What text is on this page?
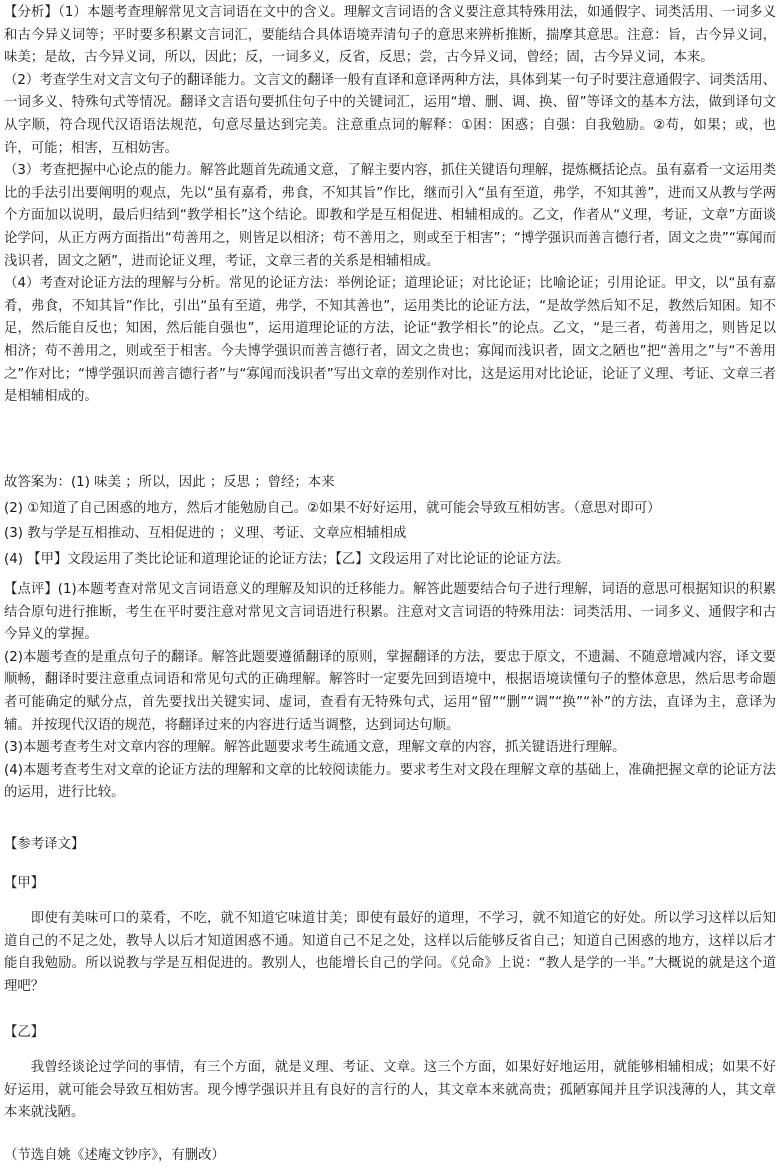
【分析】（1）本题考查理解常见文言词语在文中的含义。理解文言词语的含义要注意其特殊用法，如通假字、词类活用、一词多义和古今异义词等；平时要多积累文言词汇，要能结合具体语境弄清句子的意思来辨析推断，揣摩其意思。注意：旨，古今异义词，味美；是故，古今异义词，所以，因此；反，一词多义，反省，反思；尝，古今异义词，曾经；固，古今异义词，本来。

（2）考查学生对文言文句子的翻译能力。文言文的翻译一般有直译和意译两种方法，具体到某一句子时要注意通假字、词类活用、一词多义、特殊句式等情况。翻译文言语句要抓住句子中的关键词汇，运用“增、删、调、换、留”等译文的基本方法，做到译句文从字顺，符合现代汉语语法规范，句意尽量达到完美。注意重点词的解释：①困：困惑；自强：自我勉励。②苟，如果；或，也许，可能；相害，互相妨害。

（3）考查把握中心论点的能力。解答此题首先疏通文意，了解主要内容，抓住关键语句理解，提炼概括论点。虽有嘉肴一文运用类比的手法引出要阐明的观点，先以“虽有嘉肴，弗食，不知其旨”作比，继而引入“虽有至道，弗学，不知其善”，进而又从教与学两个方面加以说明，最后归结到“教学相长”这个结论。即教和学是互相促进、相辅相成的。乙文，作者从“义理，考证，文章”方面谈论学问，从正方两方面指出“苟善用之，则皆足以相济；苟不善用之，则或至于相害”；“博学强识而善言德行者，固文之贵”“寡闻而浅识者，固文之陋”，进而论证义理，考证，文章三者的关系是相辅相成。

（4）考查对论证方法的理解与分析。常见的论证方法：举例论证；道理论证；对比论证；比喻论证；引用论证。甲文，以“虽有嘉肴，弗食，不知其旨”作比，引出“虽有至道，弗学，不知其善也”，运用类比的论证方法，“是故学然后知不足，教然后知困。知不足，然后能自反也；知困，然后能自强也”，运用道理论证的方法，论证“教学相长”的论点。乙文，“是三者，苟善用之，则皆足以相济；苟不善用之，则或至于相害。今夫博学强识而善言德行者，固文之贵也；寡闻而浅识者，固文之陋也”把“善用之”与“不善用之”作对比；“博学强识而善言德行者”与“寡闻而浅识者”写出文章的差别作对比，这是运用对比论证，论证了义理、考证、文章三者是相辅相成的。

故答案为：(1) 味美 ；所以，因此 ；反思 ；曾经；本来

(2) ①知道了自己困惑的地方，然后才能勉励自己。②如果不好好运用，就可能会导致互相妨害。（意思对即可）

(3) 教与学是互相推动、互相促进的 ；义理、考证、文章应相辅相成

(4) 【甲】文段运用了类比论证和道理论证的论证方法；【乙】文段运用了对比论证的论证方法。

【点评】(1)本题考查对常见文言词语意义的理解及知识的迁移能力。解答此题要结合句子进行理解，词语的意思可根据知识的积累结合原句进行推断，考生在平时要注意对常见文言词语进行积累。注意对文言词语的特殊用法：词类活用、一词多义、通假字和古今异义的掌握。

(2)本题考查的是重点句子的翻译。解答此题要遵循翻译的原则，掌握翻译的方法，要忠于原文，不遗漏、不随意增减内容，译文要顺畅，翻译时要注意重点词语和常见句式的正确理解。解答时一定要先回到语境中，根据语境读懂句子的整体意思，然后思考命题者可能确定的赋分点，首先要找出关键实词、虚词，查看有无特殊句式，运用“留”“删”“调”“换”“补”的方法，直译为主，意译为辅。并按现代汉语的规范，将翻译过来的内容进行适当调整，达到词达句顺。

(3)本题考查考生对文章内容的理解。解答此题要求考生疏通文意，理解文章的内容，抓关键语进行理解。

(4)本题考查考生对文章的论证方法的理解和文章的比较阅读能力。要求考生对文段在理解文章的基础上，准确把握文章的论证方法的运用，进行比较。

【参考译文】

【甲】

即使有美味可口的菜肴，不吃，就不知道它味道甘美；即使有最好的道理，不学习，就不知道它的好处。所以学习这样以后知道自己的不足之处，教导人以后才知道困惑不通。知道自己不足之处，这样以后能够反省自己；知道自己困惑的地方，这样以后才能自我勉励。所以说教与学是互相促进的。教别人，也能增长自己的学问。《兑命》上说：“教人是学的一半。”大概说的就是这个道理吧？

【乙】

我曾经谈论过学问的事情，有三个方面，就是义理、考证、文章。这三个方面，如果好好地运用，就能够相辅相成；如果不好好运用，就可能会导致互相妨害。现今博学强识并且有良好的言行的人，其文章本来就高贵；孤陋寡闻并且学识浅薄的人，其文章本来就浅陋。

（节选自姚《述庵文钞序》，有删改）
